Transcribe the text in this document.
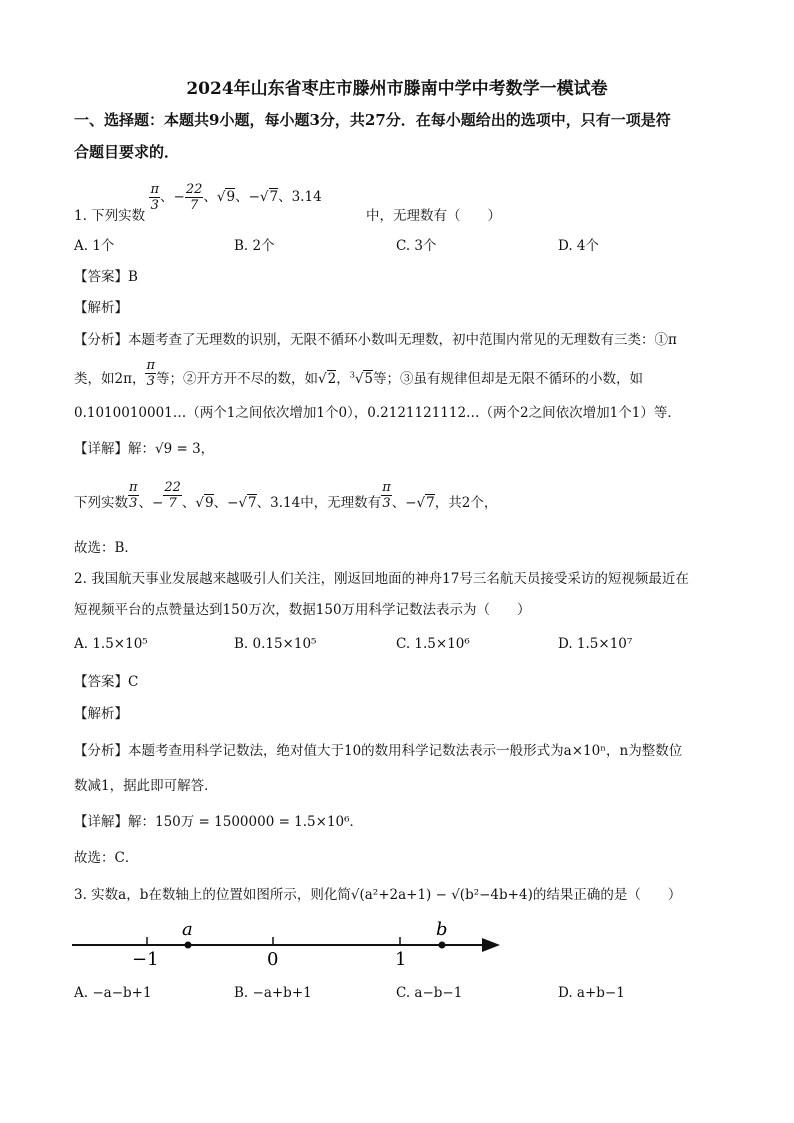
2024年山东省枣庄市滕州市滕南中学中考数学一模试卷
一、选择题：本题共9小题，每小题3分，共27分．在每小题给出的选项中，只有一项是符
合题目要求的．
1. 下列实数
$\frac{\pi}{3}$ 、− $\frac{22}{7}$ 、√9、−√7、3.14 中，无理数有（　　）
A. 1个	B. 2个	C. 3个	D. 4个
【答案】B
【解析】
【分析】本题考查了无理数的识别，无限不循环小数叫无理数，初中范围内常见的无理数有三类：①π
类，如2π， $\frac{\pi}{3}$ 等；②开方开不尽的数，如√2，$^3$√5等；③虽有规律但却是无限不循环的小数，如
0.1010010001…（两个1之间依次增加1个0），0.2121121112…（两个2之间依次增加1个1）等．
【详解】解：√9 = 3，
下列实数 $\frac{\pi}{3}$ 、− $\frac{22}{7}$ 、√9、−√7、3.14中，无理数有 $\frac{\pi}{3}$ 、−√7，共2个，
故选：B．
2. 我国航天事业发展越来越吸引人们关注，刚返回地面的神舟17号三名航天员接受采访的短视频最近在
短视频平台的点赞量达到150万次，数据150万用科学记数法表示为（　　）
A. 1.5×10⁵	B. 0.15×10⁵	C. 1.5×10⁶	D. 1.5×10⁷
【答案】C
【解析】
【分析】本题考查用科学记数法，绝对值大于10的数用科学记数法表示一般形式为a×10ⁿ，n为整数位
数减1，据此即可解答．
【详解】解：150万 = 1500000 = 1.5×10⁶．
故选：C．
3. 实数a，b在数轴上的位置如图所示，则化简√(a²+2a+1) − √(b²−4b+4)的结果正确的是（　　）
−1	0	1
a	b
A. −a−b+1	B. −a+b+1	C. a−b−1	D. a+b−1
